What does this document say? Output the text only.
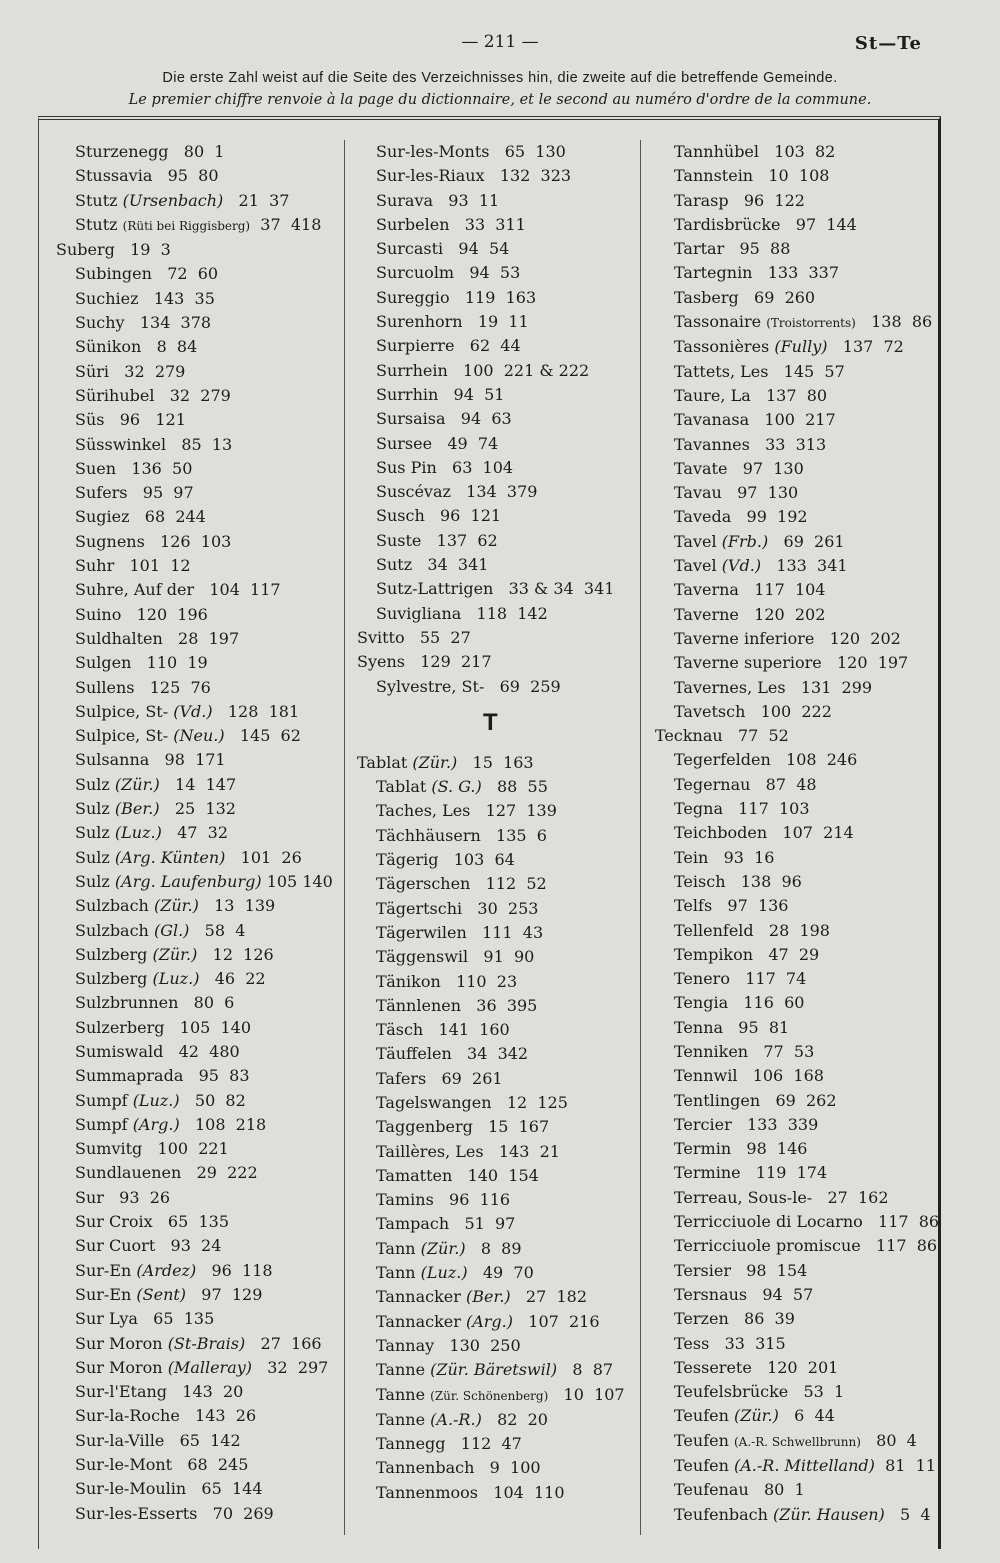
— 211 —	St—Te
Die erste Zahl weist auf die Seite des Verzeichnisses hin, die zweite auf die betreffende Gemeinde.
Le premier chiffre renvoie à la page du dictionnaire, et le second au numéro d'ordre de la commune.
Sturzenegg   80  1
Stussavia   95  80
Stutz (Ursenbach)   21  37
Stutz (Rüti bei Riggisberg)  37  418
Suberg   19  3
Subingen   72  60
Suchiez   143  35
Suchy   134  378
Sünikon   8  84
Süri   32  279
Sürihubel   32  279
Süs   96   121
Süsswinkel   85  13
Suen   136  50
Sufers   95  97
Sugiez   68  244
Sugnens   126  103
Suhr   101  12
Suhre, Auf der   104  117
Suino   120  196
Suldhalten   28  197
Sulgen   110  19
Sullens   125  76
Sulpice, St- (Vd.)   128  181
Sulpice, St- (Neu.)   145  62
Sulsanna   98  171
Sulz (Zür.)   14  147
Sulz (Ber.)   25  132
Sulz (Luz.)   47  32
Sulz (Arg. Künten)   101  26
Sulz (Arg. Laufenburg) 105 140
Sulzbach (Zür.)   13  139
Sulzbach (Gl.)   58  4
Sulzberg (Zür.)   12  126
Sulzberg (Luz.)   46  22
Sulzbrunnen   80  6
Sulzerberg   105  140
Sumiswald   42  480
Summaprada   95  83
Sumpf (Luz.)   50  82
Sumpf (Arg.)   108  218
Sumvitg   100  221
Sundlauenen   29  222
Sur   93  26
Sur Croix   65  135
Sur Cuort   93  24
Sur-En (Ardez)   96  118
Sur-En (Sent)   97  129
Sur Lya   65  135
Sur Moron (St-Brais)   27  166
Sur Moron (Malleray)   32  297
Sur-l'Etang   143  20
Sur-la-Roche   143  26
Sur-la-Ville   65  142
Sur-le-Mont   68  245
Sur-le-Moulin   65  144
Sur-les-Esserts   70  269
Sur-les-Monts   65  130
Sur-les-Riaux   132  323
Surava   93  11
Surbelen   33  311
Surcasti   94  54
Surcuolm   94  53
Sureggio   119  163
Surenhorn   19  11
Surpierre   62  44
Surrhein   100  221 & 222
Surrhin   94  51
Sursaisa   94  63
Sursee   49  74
Sus Pin   63  104
Suscévaz   134  379
Susch   96  121
Suste   137  62
Sutz   34  341
Sutz-Lattrigen   33 & 34  341
Suvigliana   118  142
Svitto   55  27
Syens   129  217
Sylvestre, St-   69  259
T
Tablat (Zür.)   15  163
Tablat (S. G.)   88  55
Taches, Les   127  139
Tächhäusern   135  6
Tägerig   103  64
Tägerschen   112  52
Tägertschi   30  253
Tägerwilen   111  43
Täggenswil   91  90
Tänikon   110  23
Tännlenen   36  395
Täsch   141  160
Täuffelen   34  342
Tafers   69  261
Tagelswangen   12  125
Taggenberg   15  167
Taillères, Les   143  21
Tamatten   140  154
Tamins   96  116
Tampach   51  97
Tann (Zür.)   8  89
Tann (Luz.)   49  70
Tannacker (Ber.)   27  182
Tannacker (Arg.)   107  216
Tannay   130  250
Tanne (Zür. Bäretswil)   8  87
Tanne (Zür. Schönenberg)   10  107
Tanne (A.-R.)   82  20
Tannegg   112  47
Tannenbach   9  100
Tannenmoos   104  110
Tannhübel   103  82
Tannstein   10  108
Tarasp   96  122
Tardisbrücke   97  144
Tartar   95  88
Tartegnin   133  337
Tasberg   69  260
Tassonaire (Troistorrents)   138  86
Tassonières (Fully)   137  72
Tattets, Les   145  57
Taure, La   137  80
Tavanasa   100  217
Tavannes   33  313
Tavate   97  130
Tavau   97  130
Taveda   99  192
Tavel (Frb.)   69  261
Tavel (Vd.)   133  341
Taverna   117  104
Taverne   120  202
Taverne inferiore   120  202
Taverne superiore   120  197
Tavernes, Les   131  299
Tavetsch   100  222
Tecknau   77  52
Tegerfelden   108  246
Tegernau   87  48
Tegna   117  103
Teichboden   107  214
Tein   93  16
Teisch   138  96
Telfs   97  136
Tellenfeld   28  198
Tempikon   47  29
Tenero   117  74
Tengia   116  60
Tenna   95  81
Tenniken   77  53
Tennwil   106  168
Tentlingen   69  262
Tercier   133  339
Termin   98  146
Termine   119  174
Terreau, Sous-le-   27  162
Terricciuole di Locarno   117  86
Terricciuole promiscue   117  86
Tersier   98  154
Tersnaus   94  57
Terzen   86  39
Tess   33  315
Tesserete   120  201
Teufelsbrücke   53  1
Teufen (Zür.)   6  44
Teufen (A.-R. Schwellbrunn)   80  4
Teufen (A.-R. Mittelland)  81  11
Teufenau   80  1
Teufenbach (Zür. Hausen)   5  4
